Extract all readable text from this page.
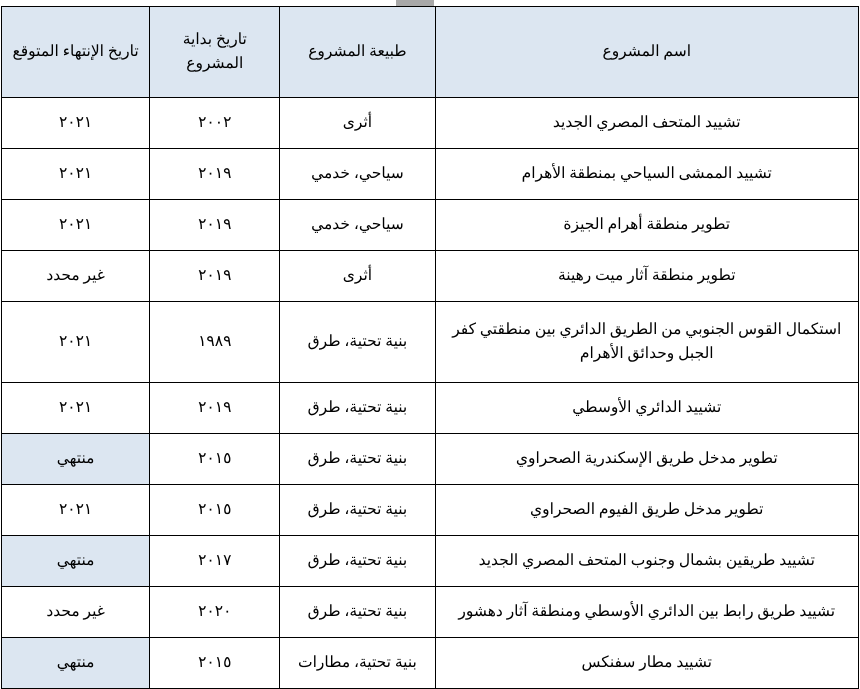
اسم المشروع	طبيعة المشروع	تاريخ بداية المشروع	تاريخ الإنتهاء المتوقع
تشييد المتحف المصري الجديد	أثرى	٢٠٠٢	٢٠٢١
تشييد الممشى السياحي بمنطقة الأهرام	سياحي، خدمي	٢٠١٩	٢٠٢١
تطوير منطقة أهرام الجيزة	سياحي، خدمي	٢٠١٩	٢٠٢١
تطوير منطقة آثار ميت رهينة	أثرى	٢٠١٩	غير محدد
استكمال القوس الجنوبي من الطريق الدائري بين منطقتي كفر الجبل وحدائق الأهرام	بنية تحتية، طرق	١٩٨٩	٢٠٢١
تشييد الدائري الأوسطي	بنية تحتية، طرق	٢٠١٩	٢٠٢١
تطوير مدخل طريق الإسكندرية الصحراوي	بنية تحتية، طرق	٢٠١٥	منتهي
تطوير مدخل طريق الفيوم الصحراوي	بنية تحتية، طرق	٢٠١٥	٢٠٢١
تشييد طريقين بشمال وجنوب المتحف المصري الجديد	بنية تحتية، طرق	٢٠١٧	منتهي
تشييد طريق رابط بين الدائري الأوسطي ومنطقة آثار دهشور	بنية تحتية، طرق	٢٠٢٠	غير محدد
تشييد مطار سفنكس	بنية تحتية، مطارات	٢٠١٥	منتهي
